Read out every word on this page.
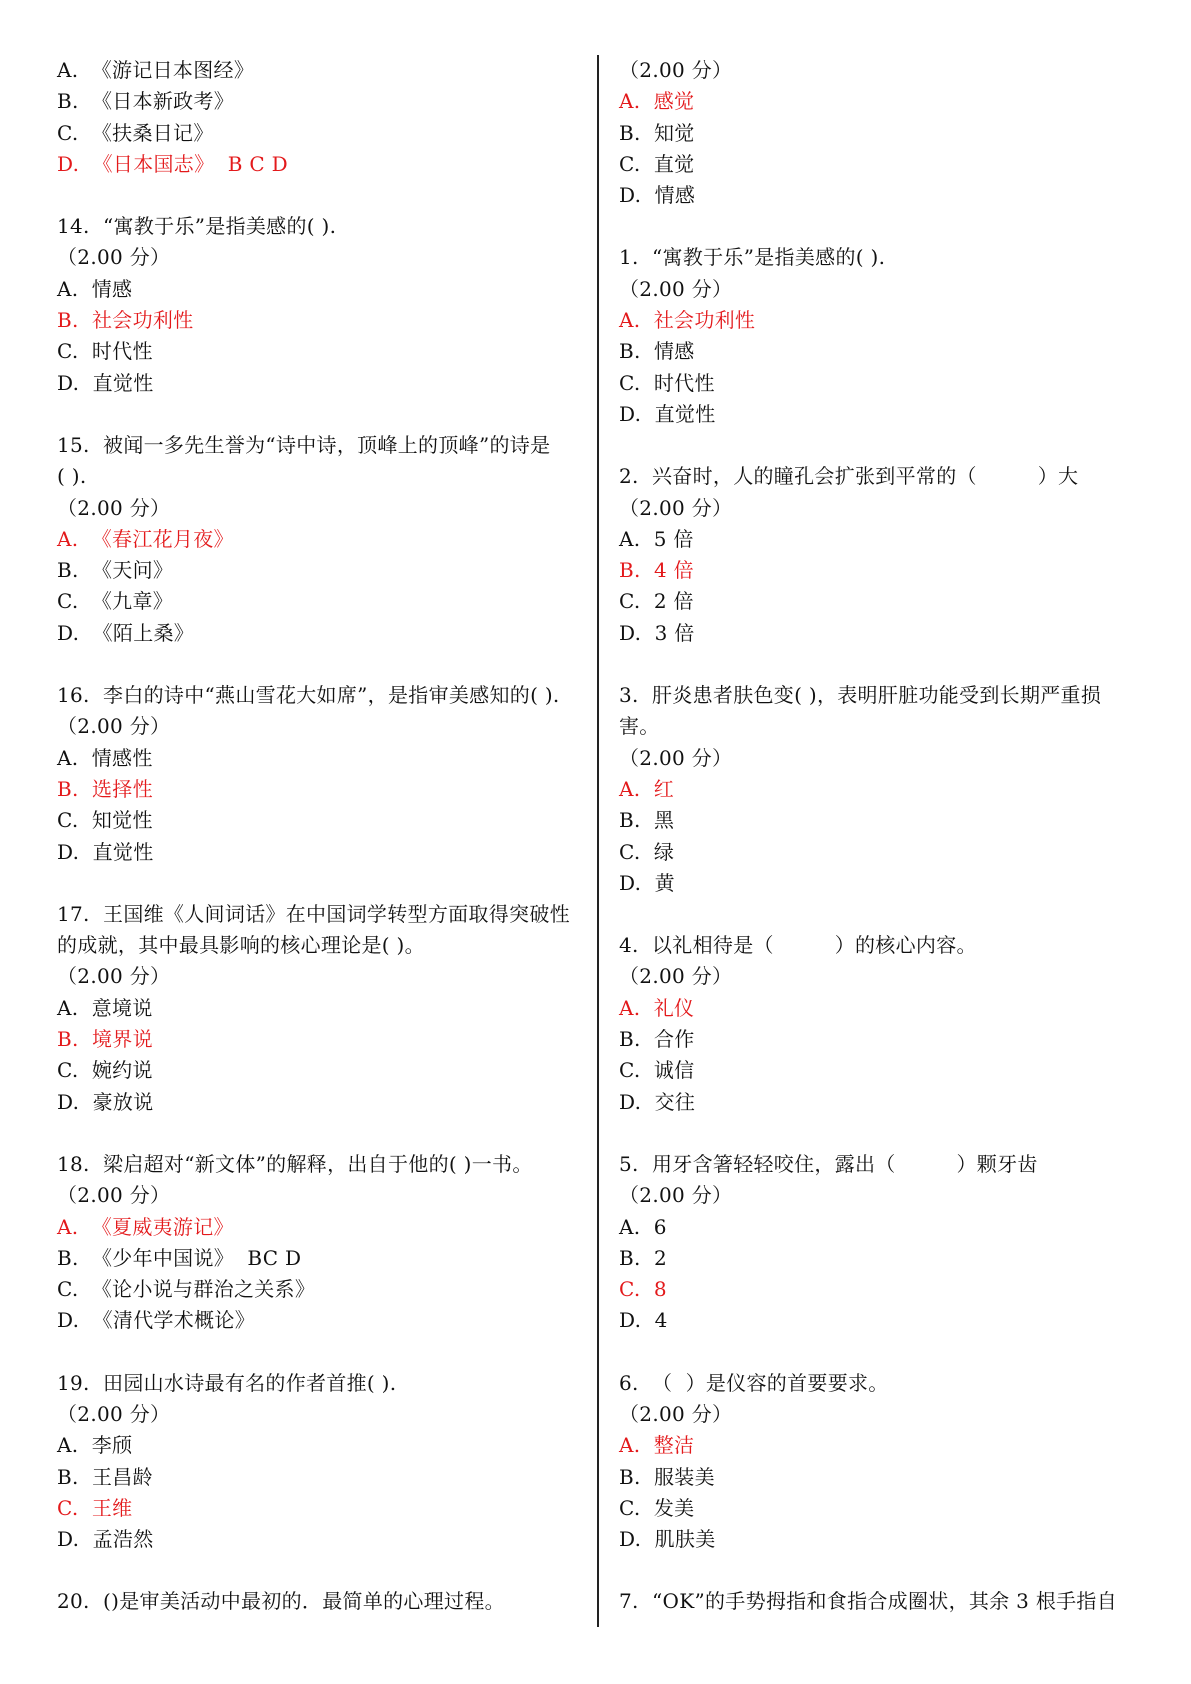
A.  《游记日本图经》
B.  《日本新政考》
C.  《扶桑日记》
D.  《日本国志》  B C D
14.  “寓教于乐”是指美感的( ).
（2.00 分）
A.  情感
B.  社会功利性
C.  时代性
D.  直觉性
15.  被闻一多先生誉为“诗中诗，顶峰上的顶峰”的诗是
( ).
（2.00 分）
A.  《春江花月夜》
B.  《天问》
C.  《九章》
D.  《陌上桑》
16.  李白的诗中“燕山雪花大如席”，是指审美感知的( ).
（2.00 分）
A.  情感性
B.  选择性
C.  知觉性
D.  直觉性
17.  王国维《人间词话》在中国词学转型方面取得突破性
的成就，其中最具影响的核心理论是( )。
（2.00 分）
A.  意境说
B.  境界说
C.  婉约说
D.  豪放说
18.  梁启超对“新文体”的解释，出自于他的( )一书。
（2.00 分）
A.  《夏威夷游记》
B.  《少年中国说》  BC D
C.  《论小说与群治之关系》
D.  《清代学术概论》
19.  田园山水诗最有名的作者首推( ).
（2.00 分）
A.  李颀
B.  王昌龄
C.  王维
D.  孟浩然
20.  ()是审美活动中最初的．最简单的心理过程。
（2.00 分）
A.  感觉
B.  知觉
C.  直觉
D.  情感
1.  “寓教于乐”是指美感的( ).
（2.00 分）
A.  社会功利性
B.  情感
C.  时代性
D.  直觉性
2.  兴奋时，人的瞳孔会扩张到平常的（　　　）大
（2.00 分）
A.  5 倍
B.  4 倍
C.  2 倍
D.  3 倍
3.  肝炎患者肤色变( )，表明肝脏功能受到长期严重损
害。
（2.00 分）
A.  红
B.  黑
C.  绿
D.  黄
4.  以礼相待是（　　　）的核心内容。
（2.00 分）
A.  礼仪
B.  合作
C.  诚信
D.  交往
5.  用牙含箸轻轻咬住，露出（　　　）颗牙齿
（2.00 分）
A.  6
B.  2
C.  8
D.  4
6.  （  ）是仪容的首要要求。
（2.00 分）
A.  整洁
B.  服装美
C.  发美
D.  肌肤美
7.  “OK”的手势拇指和食指合成圈状，其余 3 根手指自
